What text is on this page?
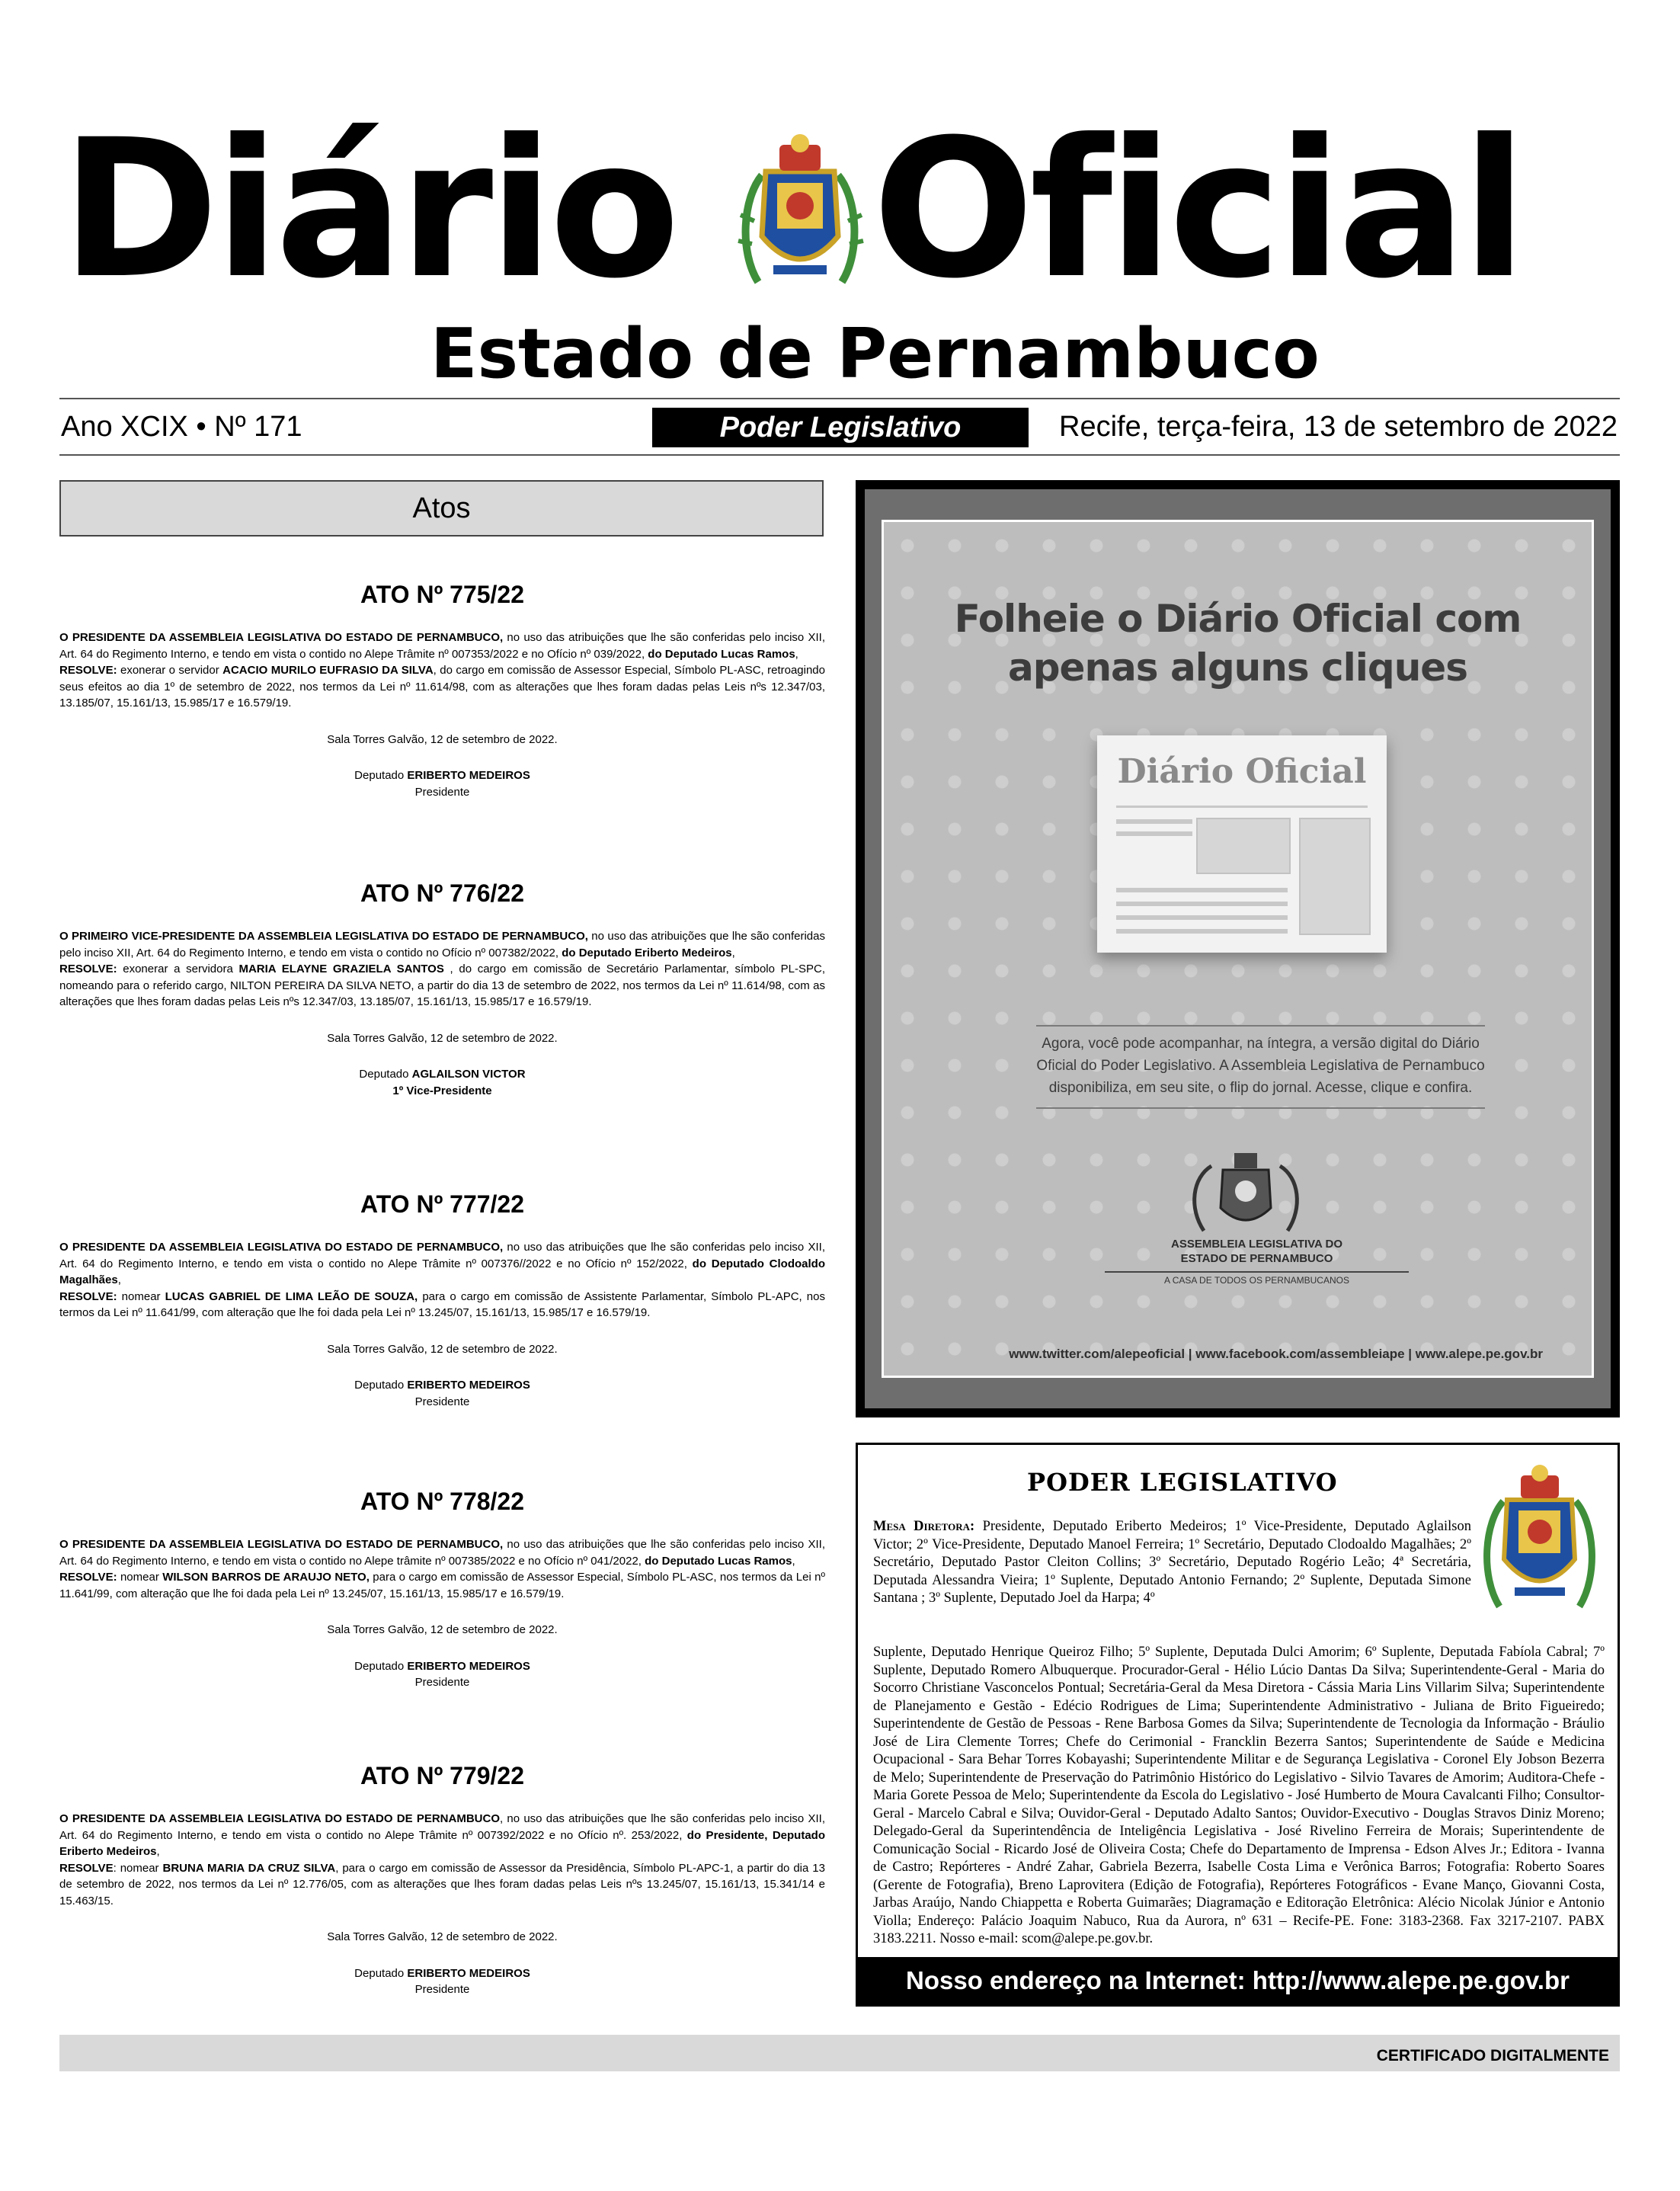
Diário Oficial
Estado de Pernambuco
Ano XCIX • Nº 171	Poder Legislativo	Recife, terça-feira, 13 de setembro de 2022
Atos
ATO Nº 775/22

O PRESIDENTE DA ASSEMBLEIA LEGISLATIVA DO ESTADO DE PERNAMBUCO, no uso das atribuições que lhe são conferidas pelo inciso XII, Art. 64 do Regimento Interno, e tendo em vista o contido no Alepe Trâmite nº 007353/2022 e no Ofício nº 039/2022, do Deputado Lucas Ramos,
RESOLVE: exonerar o servidor ACACIO MURILO EUFRASIO DA SILVA, do cargo em comissão de Assessor Especial, Símbolo PL-ASC, retroagindo seus efeitos ao dia 1º de setembro de 2022, nos termos da Lei nº 11.614/98, com as alterações que lhes foram dadas pelas Leis nºs 12.347/03, 13.185/07, 15.161/13, 15.985/17 e 16.579/19.

Sala Torres Galvão, 12 de setembro de 2022.

Deputado ERIBERTO MEDEIROS
Presidente
ATO Nº 776/22

O PRIMEIRO VICE-PRESIDENTE DA ASSEMBLEIA LEGISLATIVA DO ESTADO DE PERNAMBUCO, no uso das atribuições que lhe são conferidas pelo inciso XII, Art. 64 do Regimento Interno, e tendo em vista o contido no Ofício nº 007382/2022, do Deputado Eriberto Medeiros,
RESOLVE: exonerar a servidora MARIA ELAYNE GRAZIELA SANTOS , do cargo em comissão de Secretário Parlamentar, símbolo PL-SPC, nomeando para o referido cargo, NILTON PEREIRA DA SILVA NETO, a partir do dia 13 de setembro de 2022, nos termos da Lei nº 11.614/98, com as alterações que lhes foram dadas pelas Leis nºs 12.347/03, 13.185/07, 15.161/13, 15.985/17 e 16.579/19.

Sala Torres Galvão, 12 de setembro de 2022.

Deputado AGLAILSON VICTOR
1º Vice-Presidente
ATO Nº 777/22

O PRESIDENTE DA ASSEMBLEIA LEGISLATIVA DO ESTADO DE PERNAMBUCO, no uso das atribuições que lhe são conferidas pelo inciso XII, Art. 64 do Regimento Interno, e tendo em vista o contido no Alepe Trâmite nº 007376//2022 e no Ofício nº 152/2022, do Deputado Clodoaldo Magalhães,
RESOLVE: nomear LUCAS GABRIEL DE LIMA LEÃO DE SOUZA, para o cargo em comissão de Assistente Parlamentar, Símbolo PL-APC, nos termos da Lei nº 11.641/99, com alteração que lhe foi dada pela Lei nº 13.245/07, 15.161/13, 15.985/17 e 16.579/19.

Sala Torres Galvão, 12 de setembro de 2022.

Deputado ERIBERTO MEDEIROS
Presidente
ATO Nº 778/22

O PRESIDENTE DA ASSEMBLEIA LEGISLATIVA DO ESTADO DE PERNAMBUCO, no uso das atribuições que lhe são conferidas pelo inciso XII, Art. 64 do Regimento Interno, e tendo em vista o contido no Alepe trâmite nº 007385/2022 e no Ofício nº 041/2022, do Deputado Lucas Ramos,
RESOLVE: nomear WILSON BARROS DE ARAUJO NETO, para o cargo em comissão de Assessor Especial, Símbolo PL-ASC, nos termos da Lei nº 11.641/99, com alteração que lhe foi dada pela Lei nº 13.245/07, 15.161/13, 15.985/17 e 16.579/19.

Sala Torres Galvão, 12 de setembro de 2022.

Deputado ERIBERTO MEDEIROS
Presidente
ATO Nº 779/22

O PRESIDENTE DA ASSEMBLEIA LEGISLATIVA DO ESTADO DE PERNAMBUCO, no uso das atribuições que lhe são conferidas pelo inciso XII, Art. 64 do Regimento Interno, e tendo em vista o contido no Alepe Trâmite nº 007392/2022 e no Ofício nº. 253/2022, do Presidente, Deputado Eriberto Medeiros,
RESOLVE: nomear BRUNA MARIA DA CRUZ SILVA, para o cargo em comissão de Assessor da Presidência, Símbolo PL-APC-1, a partir do dia 13 de setembro de 2022, nos termos da Lei nº 12.776/05, com as alterações que lhes foram dadas pelas Leis nºs 13.245/07, 15.161/13, 15.341/14 e 15.463/15.

Sala Torres Galvão, 12 de setembro de 2022.

Deputado ERIBERTO MEDEIROS
Presidente
Folheie o Diário Oficial com
apenas alguns cliques
Diário Oficial
Agora, você pode acompanhar, na íntegra, a versão digital do Diário Oficial do Poder Legislativo. A Assembleia Legislativa de Pernambuco disponibiliza, em seu site, o flip do jornal. Acesse, clique e confira.
ASSEMBLEIA LEGISLATIVA DO
ESTADO DE PERNAMBUCO
A CASA DE TODOS OS PERNAMBUCANOS
www.twitter.com/alepeoficial | www.facebook.com/assembleiape | www.alepe.pe.gov.br
PODER LEGISLATIVO
Mesa Diretora: Presidente, Deputado Eriberto Medeiros; 1º Vice-Presidente, Deputado Aglailson Victor; 2º Vice-Presidente, Deputado Manoel Ferreira; 1º Secretário, Deputado Clodoaldo Magalhães; 2º Secretário, Deputado Pastor Cleiton Collins; 3º Secretário, Deputado Rogério Leão; 4ª Secretária, Deputada Alessandra Vieira; 1º Suplente, Deputado Antonio Fernando; 2º Suplente, Deputada Simone Santana ; 3º Suplente, Deputado Joel da Harpa; 4º
Suplente, Deputado Henrique Queiroz Filho; 5º Suplente, Deputada Dulci Amorim; 6º Suplente, Deputada Fabíola Cabral; 7º Suplente, Deputado Romero Albuquerque. Procurador-Geral - Hélio Lúcio Dantas Da Silva; Superintendente-Geral - Maria do Socorro Christiane Vasconcelos Pontual; Secretária-Geral da Mesa Diretora - Cássia Maria Lins Villarim Silva; Superintendente de Planejamento e Gestão - Edécio Rodrigues de Lima; Superintendente Administrativo - Juliana de Brito Figueiredo; Superintendente de Gestão de Pessoas - Rene Barbosa Gomes da Silva; Superintendente de Tecnologia da Informação - Bráulio José de Lira Clemente Torres; Chefe do Cerimonial - Francklin Bezerra Santos; Superintendente de Saúde e Medicina Ocupacional - Sara Behar Torres Kobayashi; Superintendente Militar e de Segurança Legislativa - Coronel Ely Jobson Bezerra de Melo; Superintendente de Preservação do Patrimônio Histórico do Legislativo - Silvio Tavares de Amorim; Auditora-Chefe - Maria Gorete Pessoa de Melo; Superintendente da Escola do Legislativo - José Humberto de Moura Cavalcanti Filho; Consultor-Geral - Marcelo Cabral e Silva; Ouvidor-Geral - Deputado Adalto Santos; Ouvidor-Executivo - Douglas Stravos Diniz Moreno; Delegado-Geral da Superintendência de Inteligência Legislativa - José Rivelino Ferreira de Morais; Superintendente de Comunicação Social - Ricardo José de Oliveira Costa; Chefe do Departamento de Imprensa - Edson Alves Jr.; Editora - Ivanna de Castro; Repórteres - André Zahar, Gabriela Bezerra, Isabelle Costa Lima e Verônica Barros; Fotografia: Roberto Soares (Gerente de Fotografia), Breno Laprovitera (Edição de Fotografia), Repórteres Fotográficos - Evane Manço, Giovanni Costa, Jarbas Araújo, Nando Chiappetta e Roberta Guimarães; Diagramação e Editoração Eletrônica: Alécio Nicolak Júnior e Antonio Violla; Endereço: Palácio Joaquim Nabuco, Rua da Aurora, nº 631 – Recife-PE. Fone: 3183-2368. Fax 3217-2107. PABX 3183.2211. Nosso e-mail: scom@alepe.pe.gov.br.
Nosso endereço na Internet: http://www.alepe.pe.gov.br
CERTIFICADO DIGITALMENTE
